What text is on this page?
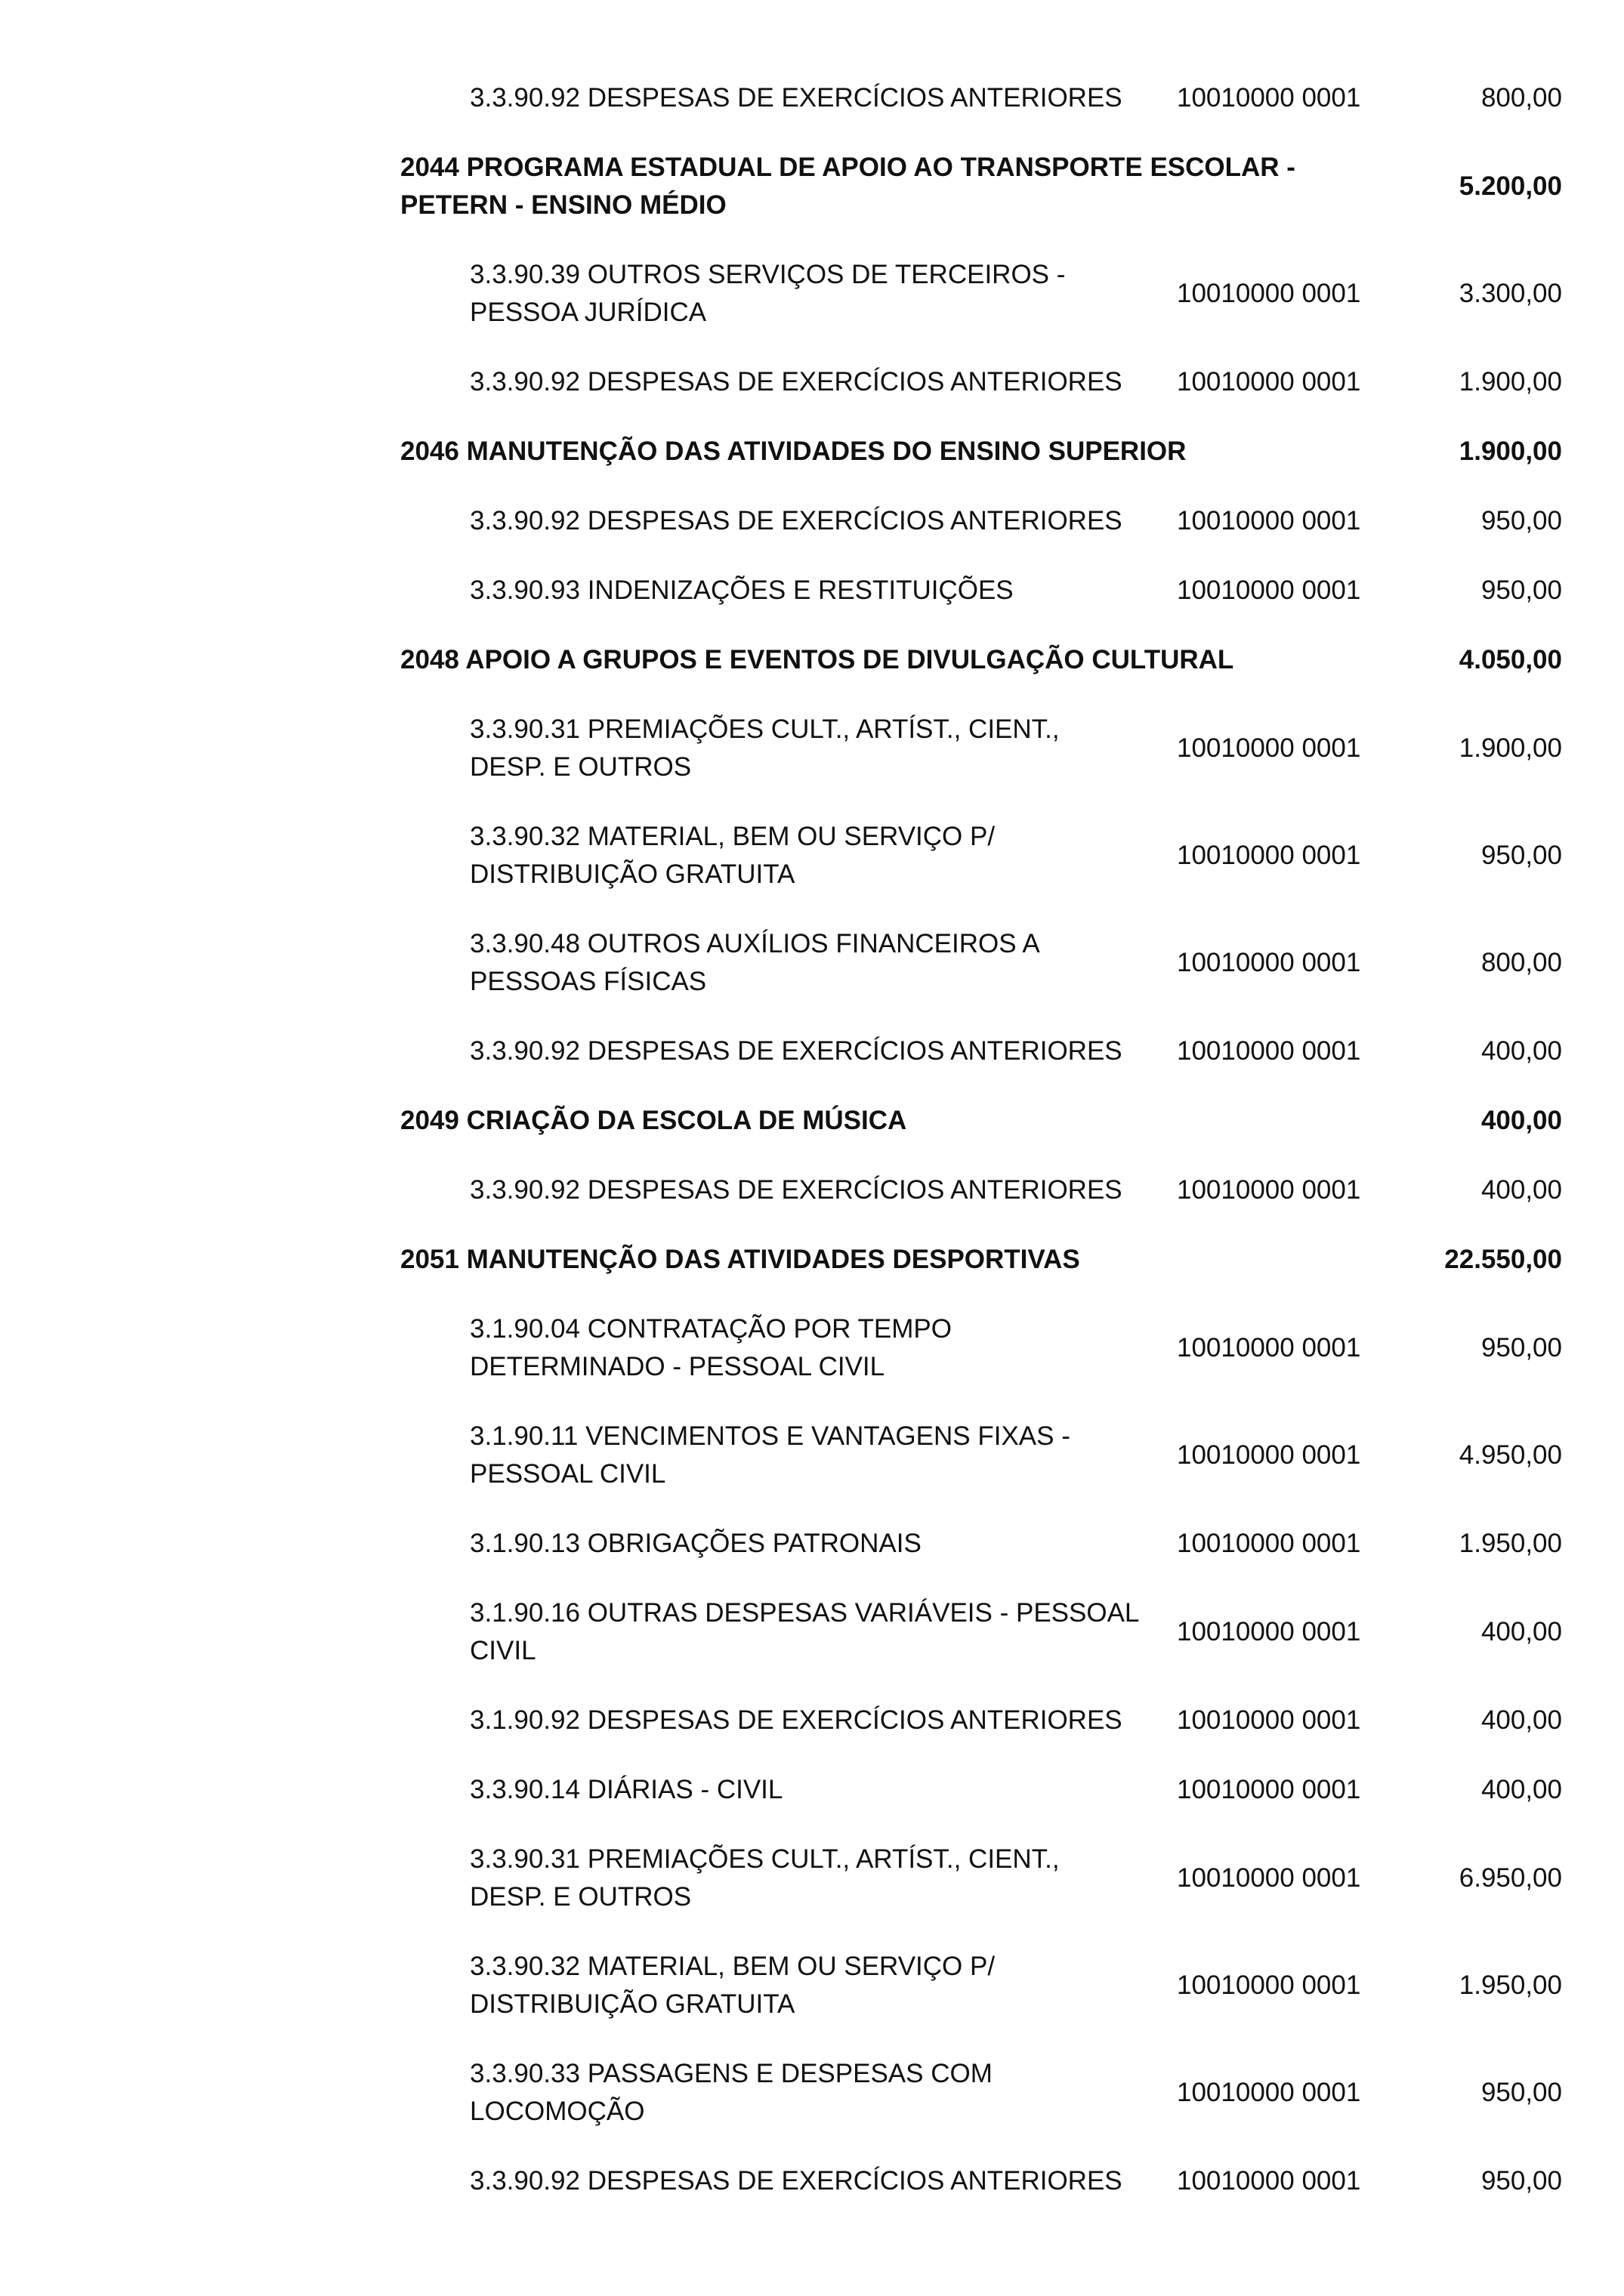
3.3.90.92 DESPESAS DE EXERCÍCIOS ANTERIORES	10010000 0001	800,00
2044 PROGRAMA ESTADUAL DE APOIO AO TRANSPORTE ESCOLAR -
PETERN - ENSINO MÉDIO
5.200,00
3.3.90.39 OUTROS SERVIÇOS DE TERCEIROS -
PESSOA JURÍDICA
10010000 0001	3.300,00
3.3.90.92 DESPESAS DE EXERCÍCIOS ANTERIORES	10010000 0001	1.900,00
2046 MANUTENÇÃO DAS ATIVIDADES DO ENSINO SUPERIOR	1.900,00
3.3.90.92 DESPESAS DE EXERCÍCIOS ANTERIORES	10010000 0001	950,00
3.3.90.93 INDENIZAÇÕES E RESTITUIÇÕES	10010000 0001	950,00
2048 APOIO A GRUPOS E EVENTOS DE DIVULGAÇÃO CULTURAL	4.050,00
3.3.90.31 PREMIAÇÕES CULT., ARTÍST., CIENT.,
DESP. E OUTROS
10010000 0001	1.900,00
3.3.90.32 MATERIAL, BEM OU SERVIÇO P/
DISTRIBUIÇÃO GRATUITA
10010000 0001	950,00
3.3.90.48 OUTROS AUXÍLIOS FINANCEIROS A
PESSOAS FÍSICAS
10010000 0001	800,00
3.3.90.92 DESPESAS DE EXERCÍCIOS ANTERIORES	10010000 0001	400,00
2049 CRIAÇÃO DA ESCOLA DE MÚSICA	400,00
3.3.90.92 DESPESAS DE EXERCÍCIOS ANTERIORES	10010000 0001	400,00
2051 MANUTENÇÃO DAS ATIVIDADES DESPORTIVAS	22.550,00
3.1.90.04 CONTRATAÇÃO POR TEMPO
DETERMINADO - PESSOAL CIVIL
10010000 0001	950,00
3.1.90.11 VENCIMENTOS E VANTAGENS FIXAS -
PESSOAL CIVIL
10010000 0001	4.950,00
3.1.90.13 OBRIGAÇÕES PATRONAIS	10010000 0001	1.950,00
3.1.90.16 OUTRAS DESPESAS VARIÁVEIS - PESSOAL
CIVIL
10010000 0001	400,00
3.1.90.92 DESPESAS DE EXERCÍCIOS ANTERIORES	10010000 0001	400,00
3.3.90.14 DIÁRIAS - CIVIL	10010000 0001	400,00
3.3.90.31 PREMIAÇÕES CULT., ARTÍST., CIENT.,
DESP. E OUTROS
10010000 0001	6.950,00
3.3.90.32 MATERIAL, BEM OU SERVIÇO P/
DISTRIBUIÇÃO GRATUITA
10010000 0001	1.950,00
3.3.90.33 PASSAGENS E DESPESAS COM
LOCOMOÇÃO
10010000 0001	950,00
3.3.90.92 DESPESAS DE EXERCÍCIOS ANTERIORES	10010000 0001	950,00
